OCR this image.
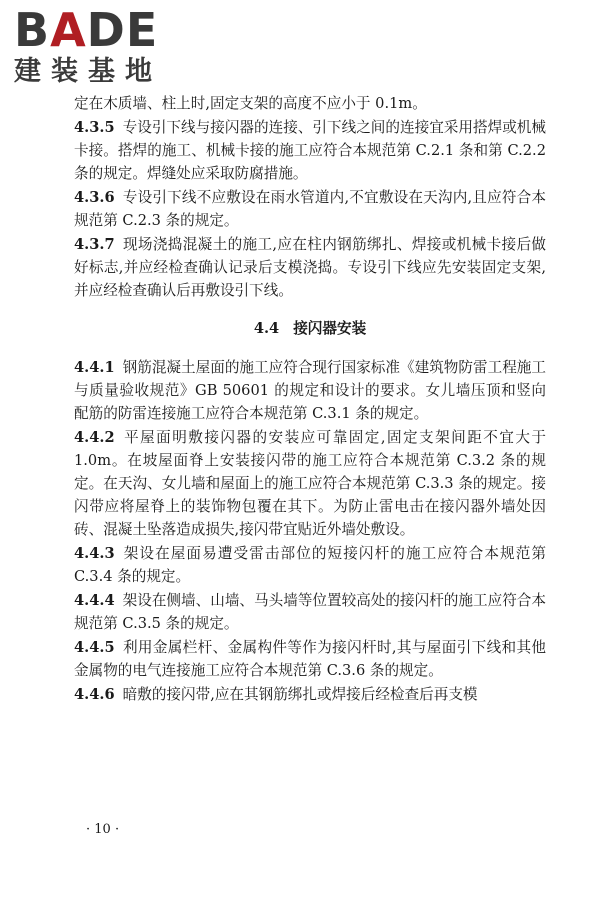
BADE
建装基地

定在木质墙、柱上时,固定支架的高度不应小于 0.1m。

4.3.5 专设引下线与接闪器的连接、引下线之间的连接宜采用搭焊或机械卡接。搭焊的施工、机械卡接的施工应符合本规范第 C.2.1 条和第 C.2.2 条的规定。焊缝处应采取防腐措施。

4.3.6 专设引下线不应敷设在雨水管道内,不宜敷设在天沟内,且应符合本规范第 C.2.3 条的规定。

4.3.7 现场浇捣混凝土的施工,应在柱内钢筋绑扎、焊接或机械卡接后做好标志,并应经检查确认记录后支模浇捣。专设引下线应先安装固定支架,并应经检查确认后再敷设引下线。

4.4 接闪器安装

4.4.1 钢筋混凝土屋面的施工应符合现行国家标准《建筑物防雷工程施工与质量验收规范》GB 50601 的规定和设计的要求。女儿墙压顶和竖向配筋的防雷连接施工应符合本规范第 C.3.1 条的规定。

4.4.2 平屋面明敷接闪器的安装应可靠固定,固定支架间距不宜大于 1.0m。在坡屋面脊上安装接闪带的施工应符合本规范第 C.3.2 条的规定。在天沟、女儿墙和屋面上的施工应符合本规范第 C.3.3 条的规定。接闪带应将屋脊上的装饰物包覆在其下。为防止雷电击在接闪器外墙处因砖、混凝土坠落造成损失,接闪带宜贴近外墙处敷设。

4.4.3 架设在屋面易遭受雷击部位的短接闪杆的施工应符合本规范第 C.3.4 条的规定。

4.4.4 架设在侧墙、山墙、马头墙等位置较高处的接闪杆的施工应符合本规范第 C.3.5 条的规定。

4.4.5 利用金属栏杆、金属构件等作为接闪杆时,其与屋面引下线和其他金属物的电气连接施工应符合本规范第 C.3.6 条的规定。

4.4.6 暗敷的接闪带,应在其钢筋绑扎或焊接后经检查后再支模

· 10 ·
